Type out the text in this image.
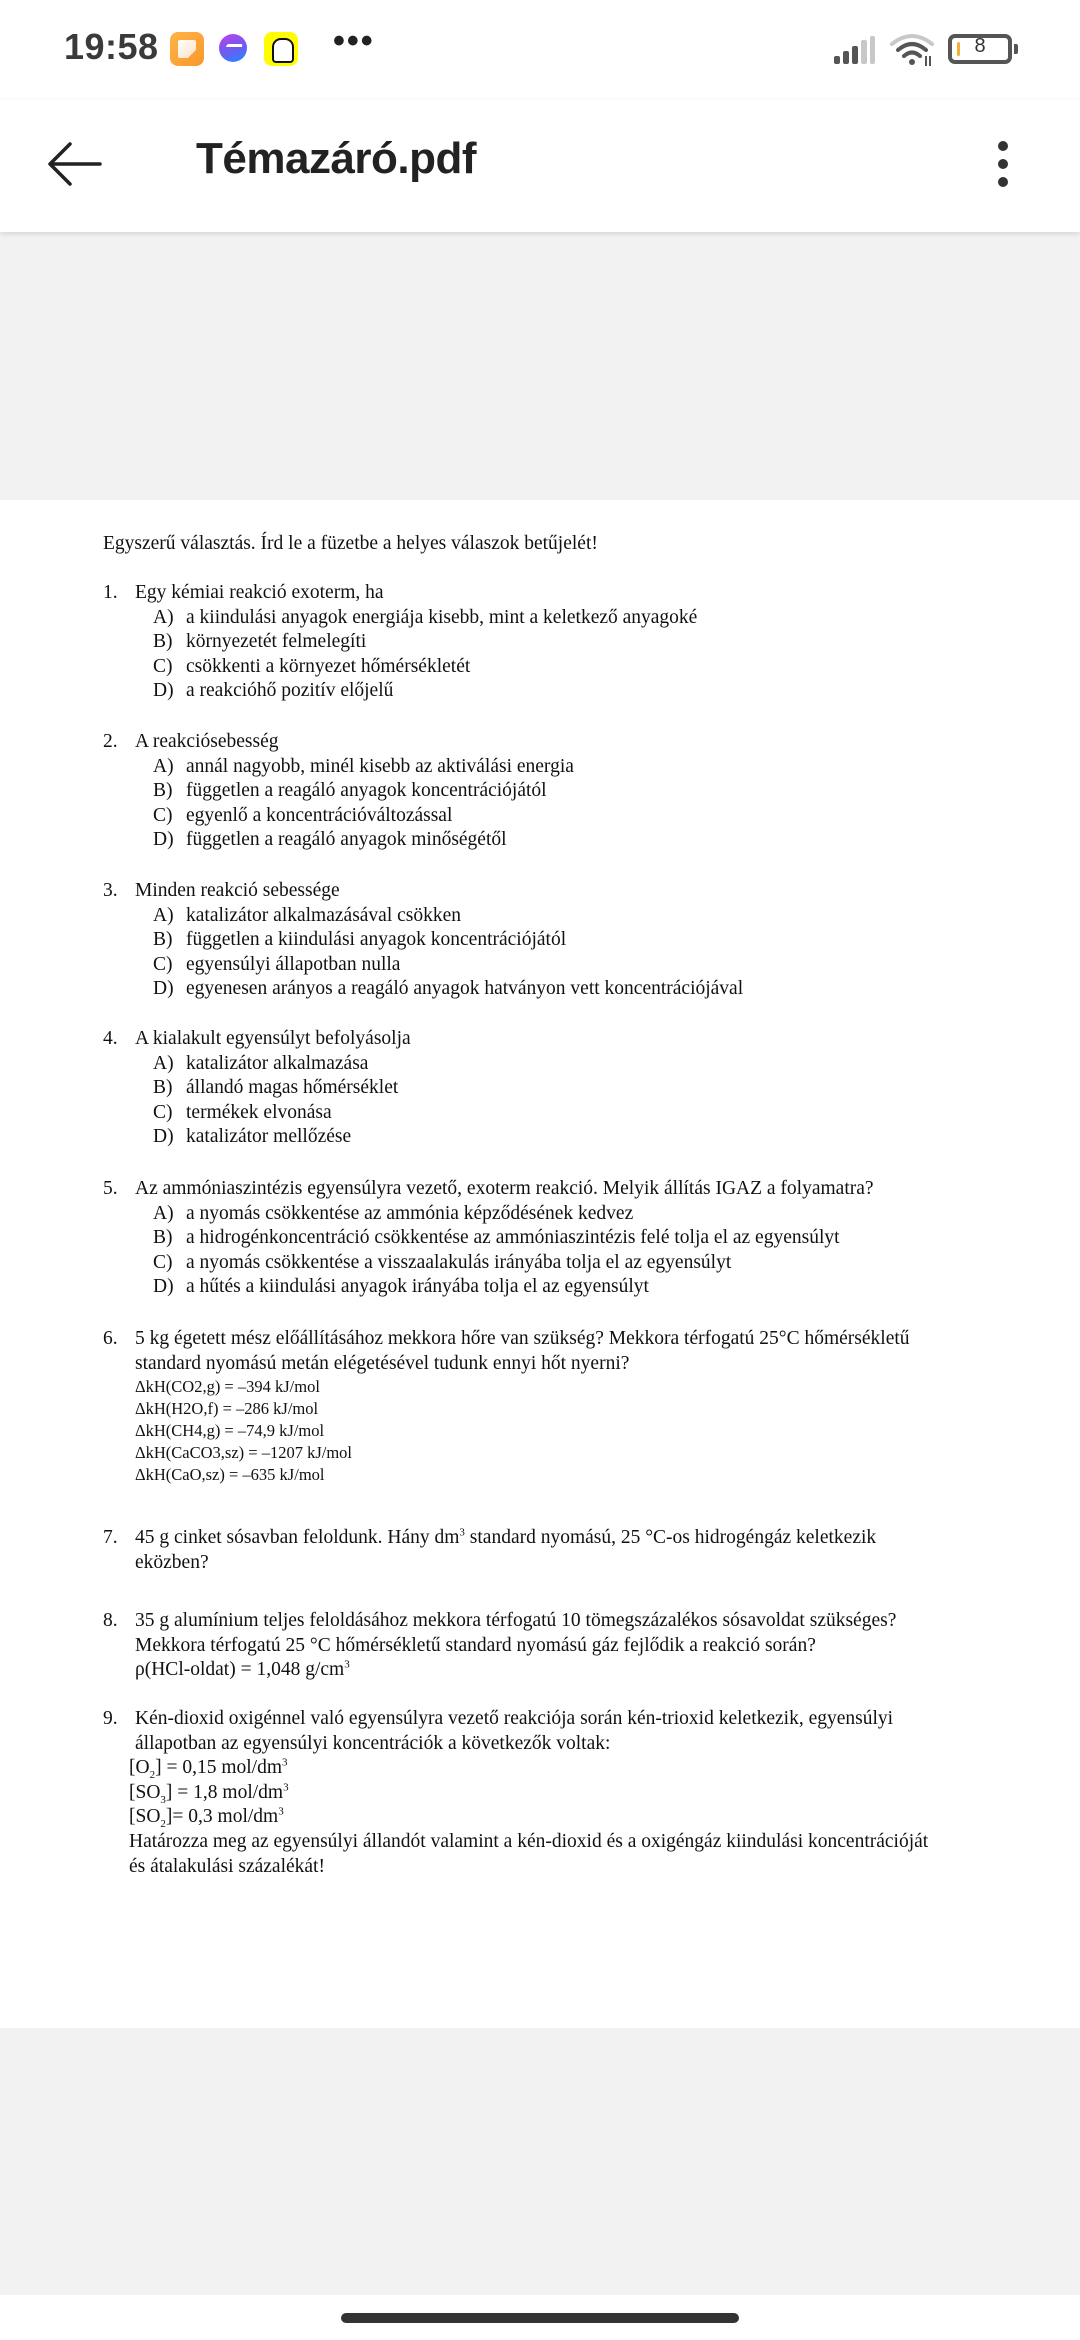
19:58	•••	8
Témazáró.pdf
Egyszerű választás. Írd le a füzetbe a helyes válaszok betűjelét!
1. Egy kémiai reakció exoterm, ha
A) a kiindulási anyagok energiája kisebb, mint a keletkező anyagoké
B) környezetét felmelegíti
C) csökkenti a környezet hőmérsékletét
D) a reakcióhő pozitív előjelű
2. A reakciósebesség
A) annál nagyobb, minél kisebb az aktiválási energia
B) független a reagáló anyagok koncentrációjától
C) egyenlő a koncentrációváltozással
D) független a reagáló anyagok minőségétől
3. Minden reakció sebessége
A) katalizátor alkalmazásával csökken
B) független a kiindulási anyagok koncentrációjától
C) egyensúlyi állapotban nulla
D) egyenesen arányos a reagáló anyagok hatványon vett koncentrációjával
4. A kialakult egyensúlyt befolyásolja
A) katalizátor alkalmazása
B) állandó magas hőmérséklet
C) termékek elvonása
D) katalizátor mellőzése
5. Az ammóniaszintézis egyensúlyra vezető, exoterm reakció. Melyik állítás IGAZ a folyamatra?
A) a nyomás csökkentése az ammónia képződésének kedvez
B) a hidrogénkoncentráció csökkentése az ammóniaszintézis felé tolja el az egyensúlyt
C) a nyomás csökkentése a visszaalakulás irányába tolja el az egyensúlyt
D) a hűtés a kiindulási anyagok irányába tolja el az egyensúlyt
6. 5 kg égetett mész előállításához mekkora hőre van szükség? Mekkora térfogatú 25°C hőmérsékletű
standard nyomású metán elégetésével tudunk ennyi hőt nyerni?
ΔkH(CO2,g) = –394 kJ/mol
ΔkH(H2O,f) = –286 kJ/mol
ΔkH(CH4,g) = –74,9 kJ/mol
ΔkH(CaCO3,sz) = –1207 kJ/mol
ΔkH(CaO,sz) = –635 kJ/mol
7. 45 g cinket sósavban feloldunk. Hány $dm^3$ standard nyomású, 25 °C-os hidrogéngáz keletkezik
eközben?
8. 35 g alumínium teljes feloldásához mekkora térfogatú 10 tömegszázalékos sósavoldat szükséges?
Mekkora térfogatú 25 °C hőmérsékletű standard nyomású gáz fejlődik a reakció során?
ρ(HCl-oldat) = 1,048 $g/cm^3$
9. Kén-dioxid oxigénnel való egyensúlyra vezető reakciója során kén-trioxid keletkezik, egyensúlyi
állapotban az egyensúlyi koncentrációk a következők voltak:
$[O_2] = 0,15$ mol/$dm^3$
$[SO_3] = 1,8$ mol/$dm^3$
$[SO_2]= 0,3$ mol/$dm^3$
Határozza meg az egyensúlyi állandót valamint a kén-dioxid és a oxigéngáz kiindulási koncentrációját
és átalakulási százalékát!
